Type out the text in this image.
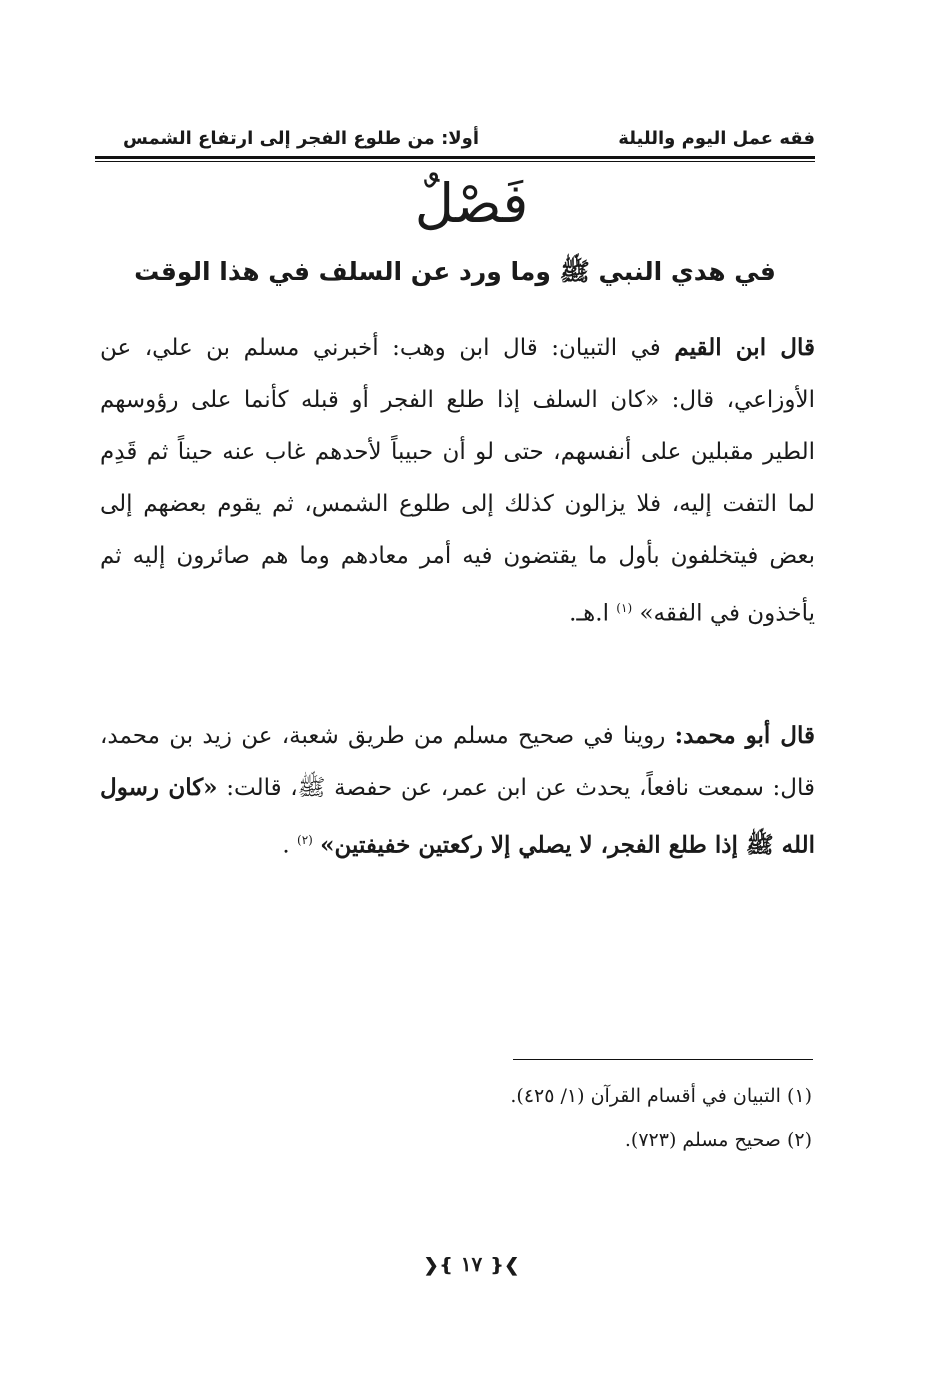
فقه عمل اليوم والليلة
أولا: من طلوع الفجر إلى ارتفاع الشمس
فَصْلٌ
في هدي النبي ﷺ وما ورد عن السلف في هذا الوقت
قال ابن القيم في التبيان: قال ابن وهب: أخبرني مسلم بن علي، عن الأوزاعي، قال: «كان السلف إذا طلع الفجر أو قبله كأنما على رؤوسهم الطير مقبلين على أنفسهم، حتى لو أن حبيباً لأحدهم غاب عنه حيناً ثم قَدِم لما التفت إليه، فلا يزالون كذلك إلى طلوع الشمس، ثم يقوم بعضهم إلى بعض فيتخلفون بأول ما يقتضون فيه أمر معادهم وما هم صائرون إليه ثم يأخذون في الفقه» $^{(١)}$ ا.هـ.
قال أبو محمد: روينا في صحيح مسلم من طريق شعبة، عن زيد بن محمد، قال: سمعت نافعاً، يحدث عن ابن عمر، عن حفصة ﷺ، قالت: «كان رسول الله ﷺ إذا طلع الفجر، لا يصلي إلا ركعتين خفيفتين» $^{(٢)}$ .
(١) التبيان في أقسام القرآن (١/ ٤٢٥).
(٢) صحيح مسلم (٧٢٣).
❯❴ ١٧ ❵❮
